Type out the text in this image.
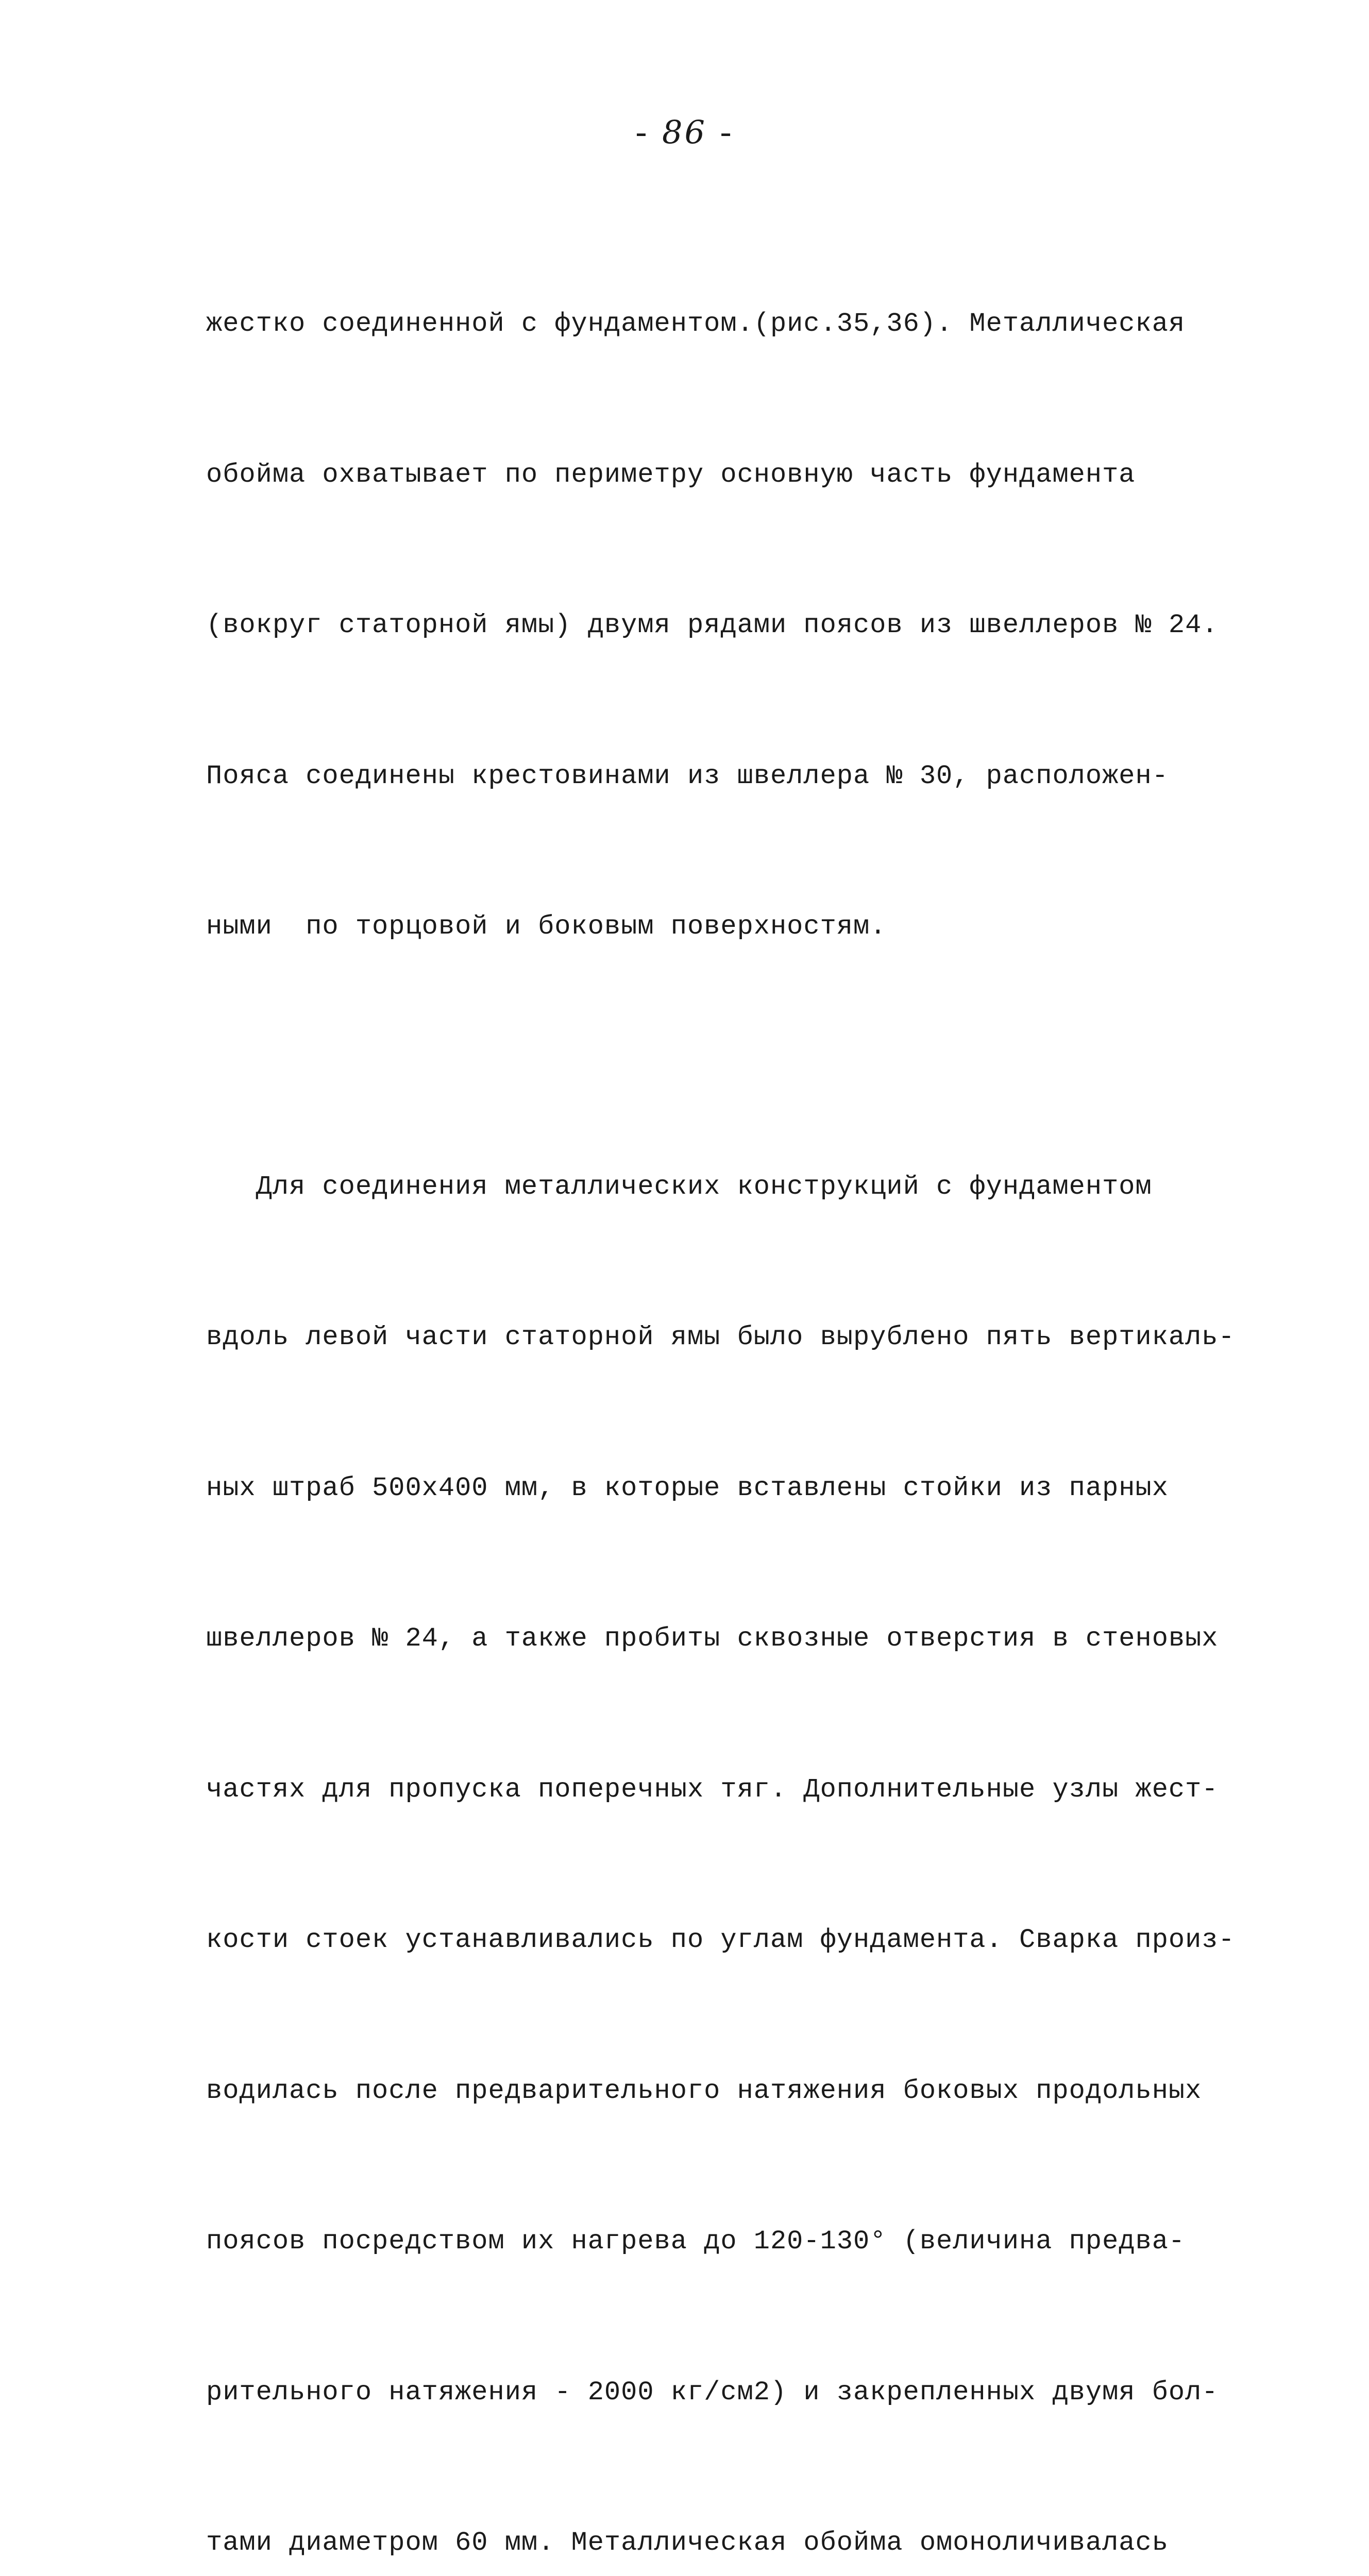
- 86 -

жестко соединенной с фундаментом.(рис.35,36). Металлическая

обойма охватывает по периметру основную часть фундамента

(вокруг статорной ямы) двумя рядами поясов из швеллеров № 24.

Пояса соединены крестовинами из швеллера № 30, расположен-

ными  по торцовой и боковым поверхностям.

Для соединения металлических конструкций с фундаментом

вдоль левой части статорной ямы было вырублено пять вертикаль-

ных штраб 500х400 мм, в которые вставлены стойки из парных

швеллеров № 24, а также пробиты сквозные отверстия в стеновых

частях для пропуска поперечных тяг. Дополнительные узлы жест-

кости стоек устанавливались по углам фундамента. Сварка произ-

водилась после предварительного натяжения боковых продольных

поясов посредством их нагрева до 120-130° (величина предва-

рительного натяжения - 2000 кг/см2) и закрепленных двумя бол-

тами диаметром 60 мм. Металлическая обойма омоноличивалась
